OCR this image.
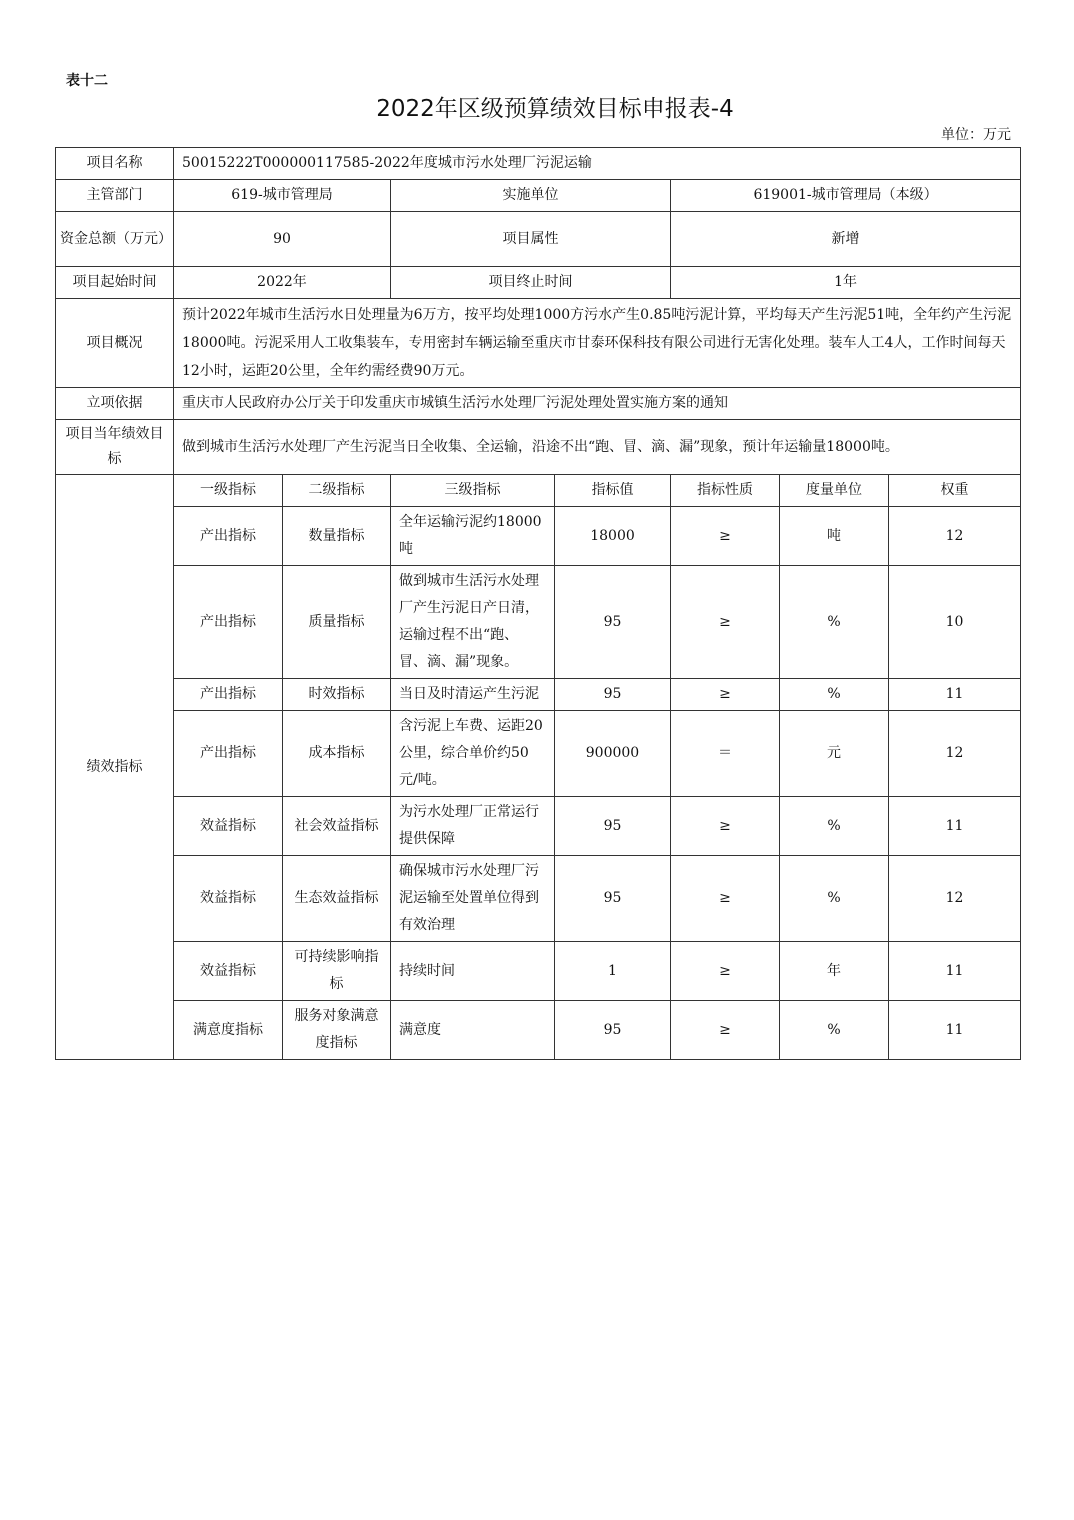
表十二
2022年区级预算绩效目标申报表-4
单位：万元
项目名称	50015222T000000117585-2022年度城市污水处理厂污泥运输						
主管部门	619-城市管理局		实施单位		619001-城市管理局（本级）		
资金总额（万元）	90		项目属性		新增		
项目起始时间	2022年		项目终止时间		1年		
项目概况	预计2022年城市生活污水日处理量为6万方，按平均处理1000方污水产生0.85吨污泥计算，平均每天产生污泥51吨，全年约产生污泥18000吨。污泥采用人工收集装车，专用密封车辆运输至重庆市甘泰环保科技有限公司进行无害化处理。装车人工4人，工作时间每天12小时，运距20公里，全年约需经费90万元。						
立项依据	重庆市人民政府办公厅关于印发重庆市城镇生活污水处理厂污泥处理处置实施方案的通知						
项目当年绩效目标	做到城市生活污水处理厂产生污泥当日全收集、全运输，沿途不出“跑、冒、滴、漏”现象，预计年运输量18000吨。						
绩效指标	一级指标	二级指标	三级指标	指标值	指标性质	度量单位	权重
	产出指标	数量指标	全年运输污泥约18000吨	18000	≥	吨	12
	产出指标	质量指标	做到城市生活污水处理厂产生污泥日产日清，运输过程不出“跑、冒、滴、漏”现象。	95	≥	%	10
	产出指标	时效指标	当日及时清运产生污泥	95	≥	%	11
	产出指标	成本指标	含污泥上车费、运距20公里，综合单价约50元/吨。	900000	＝	元	12
	效益指标	社会效益指标	为污水处理厂正常运行提供保障	95	≥	%	11
	效益指标	生态效益指标	确保城市污水处理厂污泥运输至处置单位得到有效治理	95	≥	%	12
	效益指标	可持续影响指标	持续时间	1	≥	年	11
	满意度指标	服务对象满意度指标	满意度	95	≥	%	11
